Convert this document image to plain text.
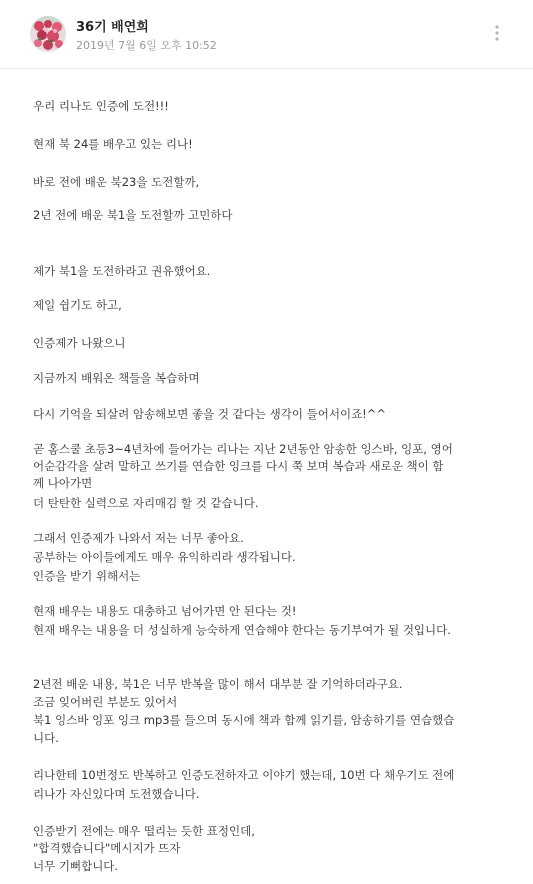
36기 배연희
2019년 7월 6일 오후 10:52
우리 리나도 인증에 도전!!!
현재 북 24를 배우고 있는 리나!
바로 전에 배운 북23을 도전할까,
2년 전에 배운 북1을 도전할까 고민하다
제가 북1을 도전하라고 권유했어요.
제일 쉽기도 하고,
인증제가 나왔으니
지금까지 배워온 책들을 복습하며
다시 기억을 되살려 암송해보면 좋을 것 같다는 생각이 들어서이죠!^^
곧 홈스쿨 초등3~4년차에 들어가는 리나는 지난 2년동안 암송한 잉스바, 잉포, 영어
어순감각을 살려 말하고 쓰기를 연습한 잉크를 다시 쭉 보며 복습과 새로운 책이 함
께 나아가면
더 탄탄한 실력으로 자리매김 할 것 같습니다.
그래서 인증제가 나와서 저는 너무 좋아요.
공부하는 아이들에게도 매우 유익하리라 생각됩니다.
인증을 받기 위해서는
현재 배우는 내용도 대충하고 넘어가면 안 된다는 것!
현재 배우는 내용을 더 성실하게 능숙하게 연습해야 한다는 동기부여가 될 것입니다.
2년전 배운 내용, 북1은 너무 반복을 많이 해서 대부분 잘 기억하더라구요.
조금 잊어버린 부분도 있어서
북1 잉스바 잉포 잉크 mp3를 들으며 동시에 책과 함께 읽기를, 암송하기를 연습했습
니다.
리나한테 10번정도 반복하고 인증도전하자고 이야기 했는데, 10번 다 채우기도 전에
리나가 자신있다며 도전했습니다.
인증받기 전에는 매우 떨리는 듯한 표정인데,
"합격했습니다"메시지가 뜨자
너무 기뻐합니다.
